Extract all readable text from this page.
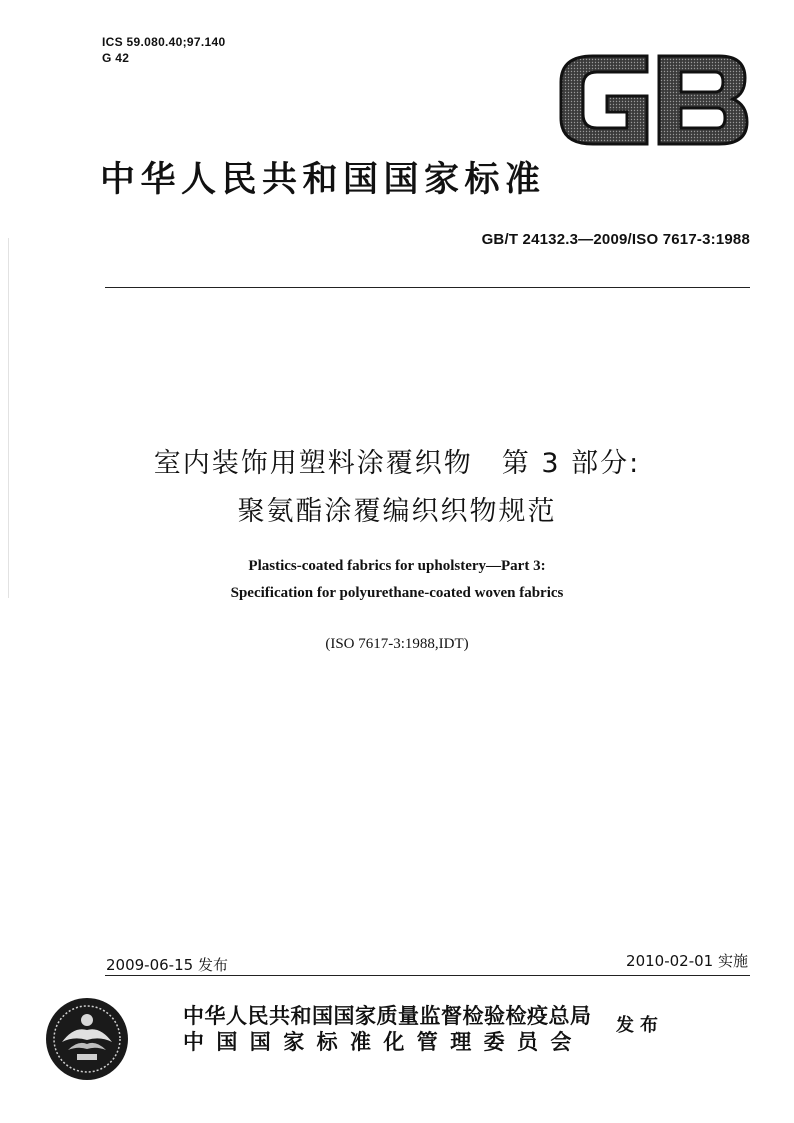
ICS 59.080.40;97.140
G 42
中华人民共和国国家标准
GB/T 24132.3—2009/ISO 7617-3:1988
室内装饰用塑料涂覆织物　第 3 部分:
聚氨酯涂覆编织织物规范
Plastics-coated fabrics for upholstery—Part 3:
Specification for polyurethane-coated woven fabrics
(ISO 7617-3:1988,IDT)
2009-06-15 发布	2010-02-01 实施
中华人民共和国国家质量监督检验检疫总局
中国国家标准化管理委员会
发布
